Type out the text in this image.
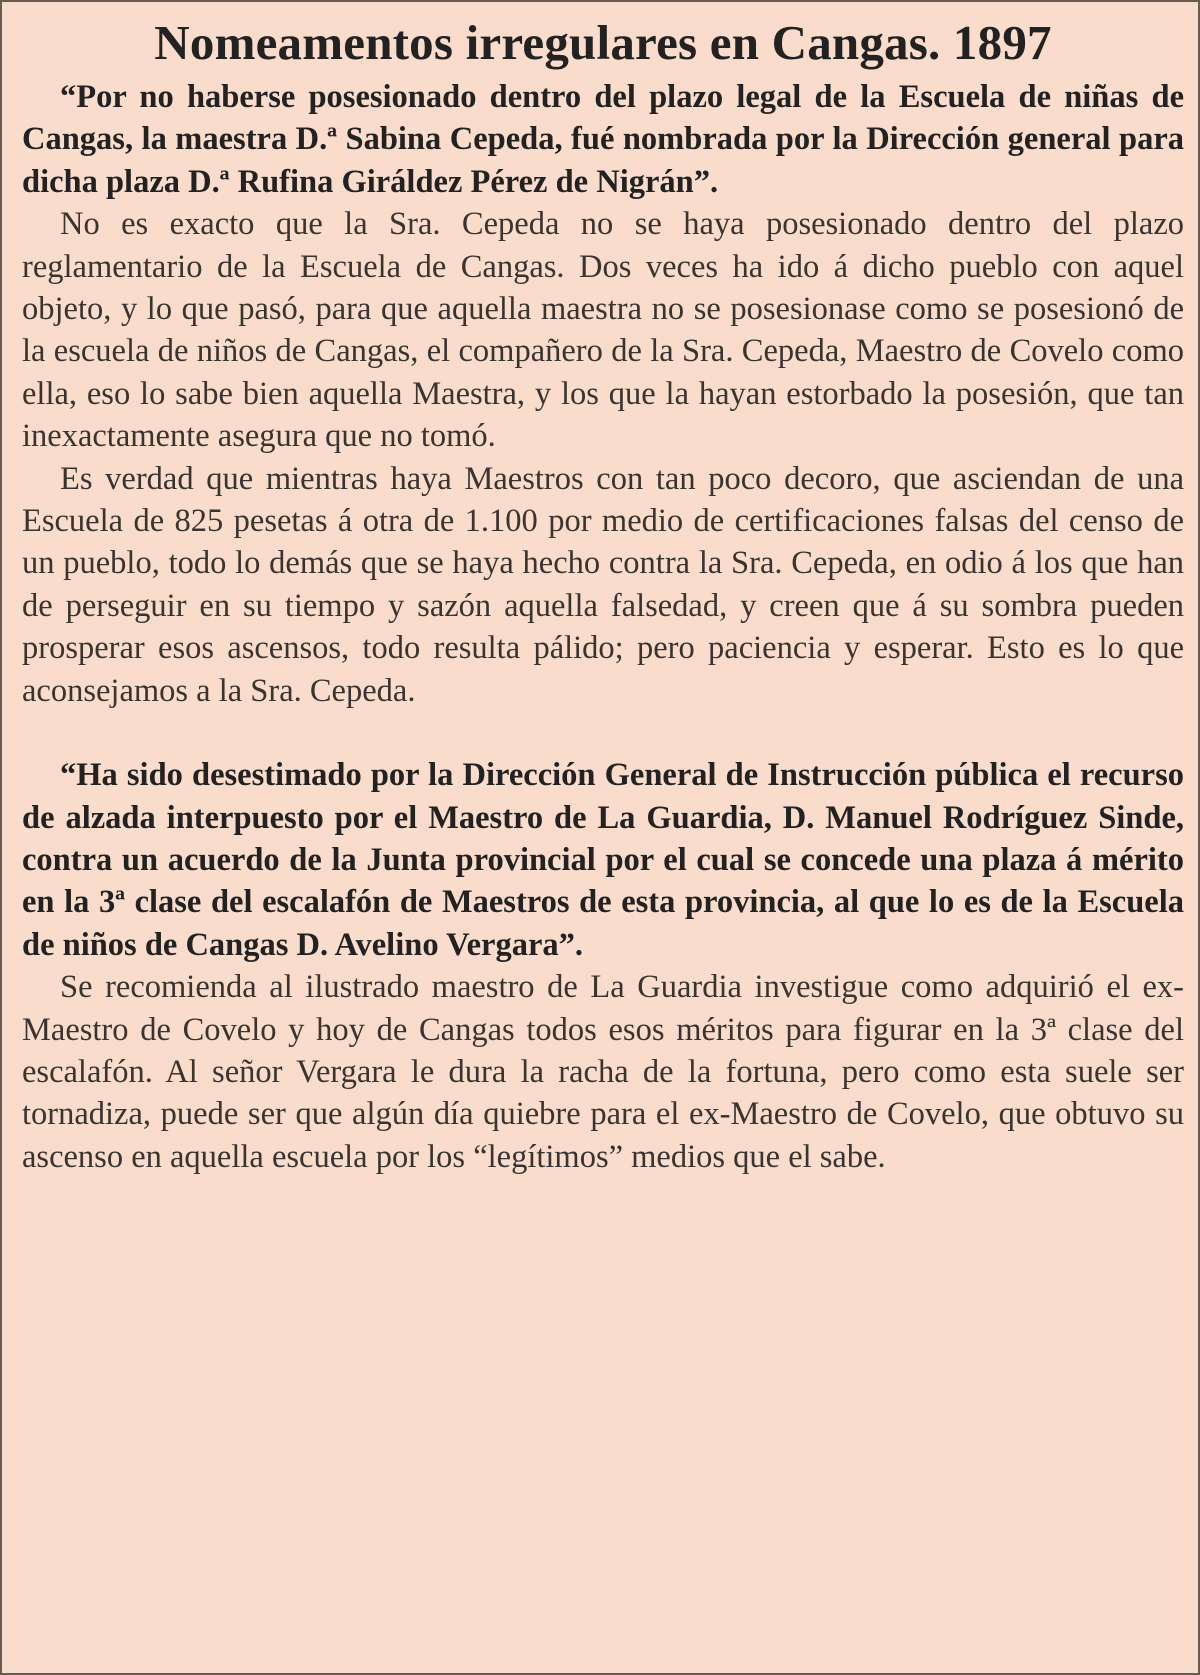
Nomeamentos irregulares en Cangas. 1897

“Por no haberse posesionado dentro del plazo legal de la Escuela de niñas de Cangas, la maestra D.ª Sabina Cepeda, fué nombrada por la Dirección general para dicha plaza D.ª Rufina Giráldez Pérez de Nigrán”.

No es exacto que la Sra. Cepeda no se haya posesionado dentro del plazo reglamentario de la Escuela de Cangas. Dos veces ha ido á dicho pueblo con aquel objeto, y lo que pasó, para que aquella maestra no se posesionase como se posesionó de la escuela de niños de Cangas, el compañero de la Sra. Cepeda, Maestro de Covelo como ella, eso lo sabe bien aquella Maestra, y los que la hayan estorbado la posesión, que tan inexactamente asegura que no tomó.

Es verdad que mientras haya Maestros con tan poco decoro, que asciendan de una Escuela de 825 pesetas á otra de 1.100 por medio de certificaciones falsas del censo de un pueblo, todo lo demás que se haya hecho contra la Sra. Cepeda, en odio á los que han de perseguir en su tiempo y sazón aquella falsedad, y creen que á su sombra pueden prosperar esos ascensos, todo resulta pálido; pero paciencia y esperar. Esto es lo que aconsejamos a la Sra. Cepeda.

“Ha sido desestimado por la Dirección General de Instrucción pública el recurso de alzada interpuesto por el Maestro de La Guardia, D. Manuel Rodríguez Sinde, contra un acuerdo de la Junta provincial por el cual se concede una plaza á mérito en la 3ª clase del escalafón de Maestros de esta provincia, al que lo es de la Escuela de niños de Cangas D. Avelino Vergara”.

Se recomienda al ilustrado maestro de La Guardia investigue como adquirió el ex-Maestro de Covelo y hoy de Cangas todos esos méritos para figurar en la 3ª clase del escalafón. Al señor Vergara le dura la racha de la fortuna, pero como esta suele ser tornadiza, puede ser que algún día quiebre para el ex-Maestro de Covelo, que obtuvo su ascenso en aquella escuela por los “legítimos” medios que el sabe.
